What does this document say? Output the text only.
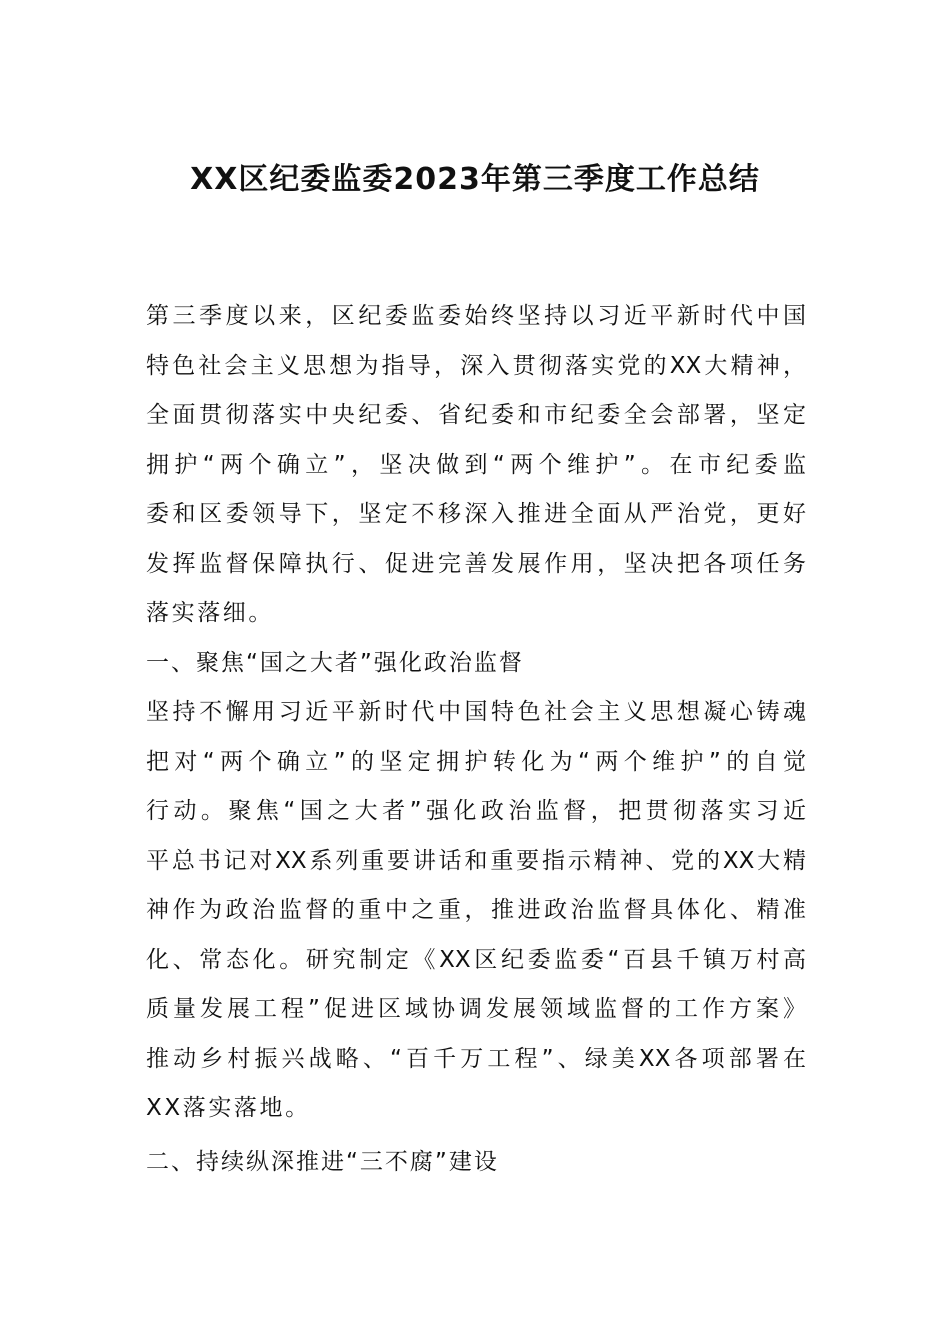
XX区纪委监委2023年第三季度工作总结
第三季度以来，区纪委监委始终坚持以习近平新时代中国
特色社会主义思想为指导，深入贯彻落实党的XX大精神，
全面贯彻落实中央纪委、省纪委和市纪委全会部署，坚定
拥护“两个确立”，坚决做到“两个维护”。在市纪委监
委和区委领导下，坚定不移深入推进全面从严治党，更好
发挥监督保障执行、促进完善发展作用，坚决把各项任务
落实落细。
一、聚焦“国之大者”强化政治监督
坚持不懈用习近平新时代中国特色社会主义思想凝心铸魂
把对“两个确立”的坚定拥护转化为“两个维护”的自觉
行动。聚焦“国之大者”强化政治监督，把贯彻落实习近
平总书记对XX系列重要讲话和重要指示精神、党的XX大精
神作为政治监督的重中之重，推进政治监督具体化、精准
化、常态化。研究制定《XX区纪委监委“百县千镇万村高
质量发展工程”促进区域协调发展领域监督的工作方案》
推动乡村振兴战略、“百千万工程”、绿美XX各项部署在
XX落实落地。
二、持续纵深推进“三不腐”建设
